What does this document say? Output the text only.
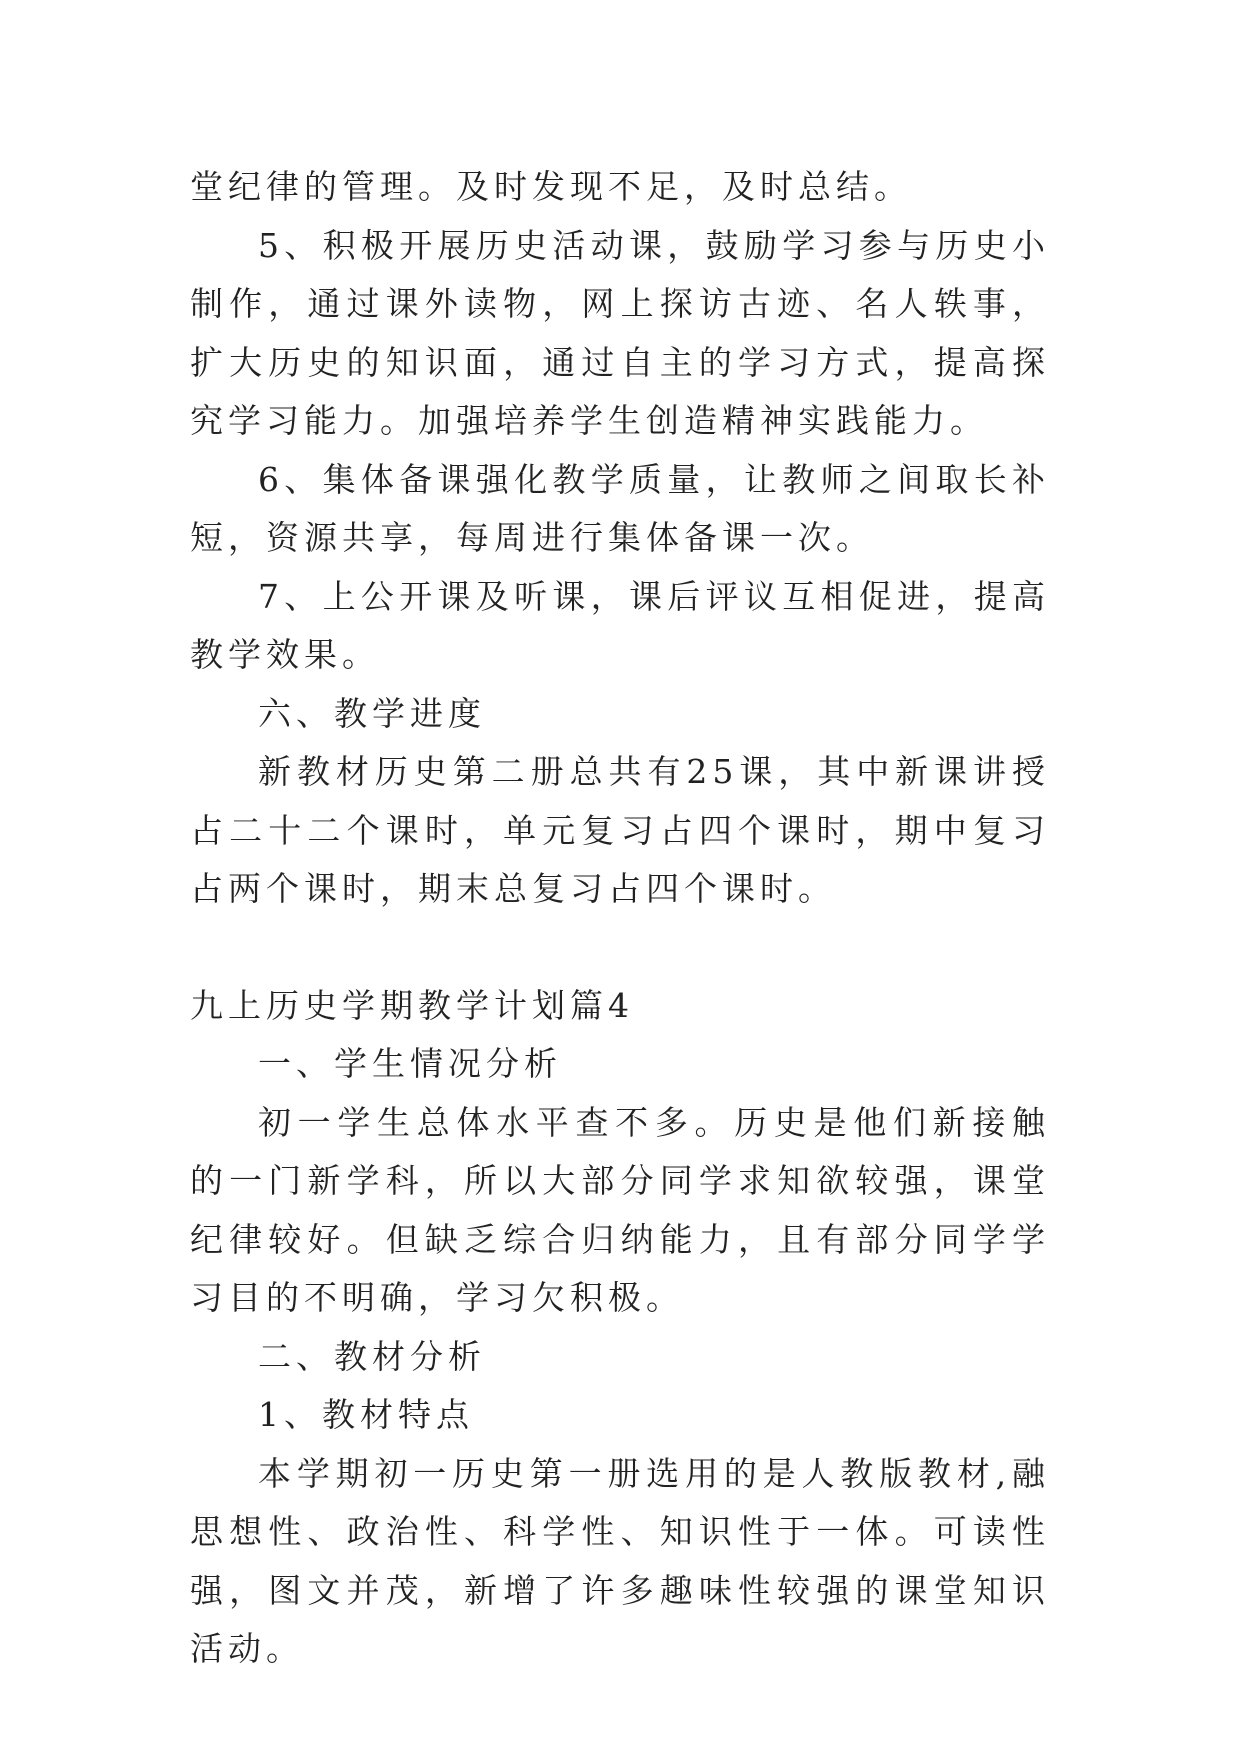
堂纪律的管理。及时发现不足，及时总结。

5、积极开展历史活动课，鼓励学习参与历史小制作，通过课外读物，网上探访古迹、名人轶事，扩大历史的知识面，通过自主的学习方式，提高探究学习能力。加强培养学生创造精神实践能力。

6、集体备课强化教学质量，让教师之间取长补短，资源共享，每周进行集体备课一次。

7、上公开课及听课，课后评议互相促进，提高教学效果。

六、教学进度

新教材历史第二册总共有25课，其中新课讲授占二十二个课时，单元复习占四个课时，期中复习占两个课时，期末总复习占四个课时。

九上历史学期教学计划篇4

一、学生情况分析

初一学生总体水平查不多。历史是他们新接触的一门新学科，所以大部分同学求知欲较强，课堂纪律较好。但缺乏综合归纳能力，且有部分同学学习目的不明确，学习欠积极。

二、教材分析

1、教材特点

本学期初一历史第一册选用的是人教版教材,融思想性、政治性、科学性、知识性于一体。可读性强，图文并茂，新增了许多趣味性较强的课堂知识活动。
